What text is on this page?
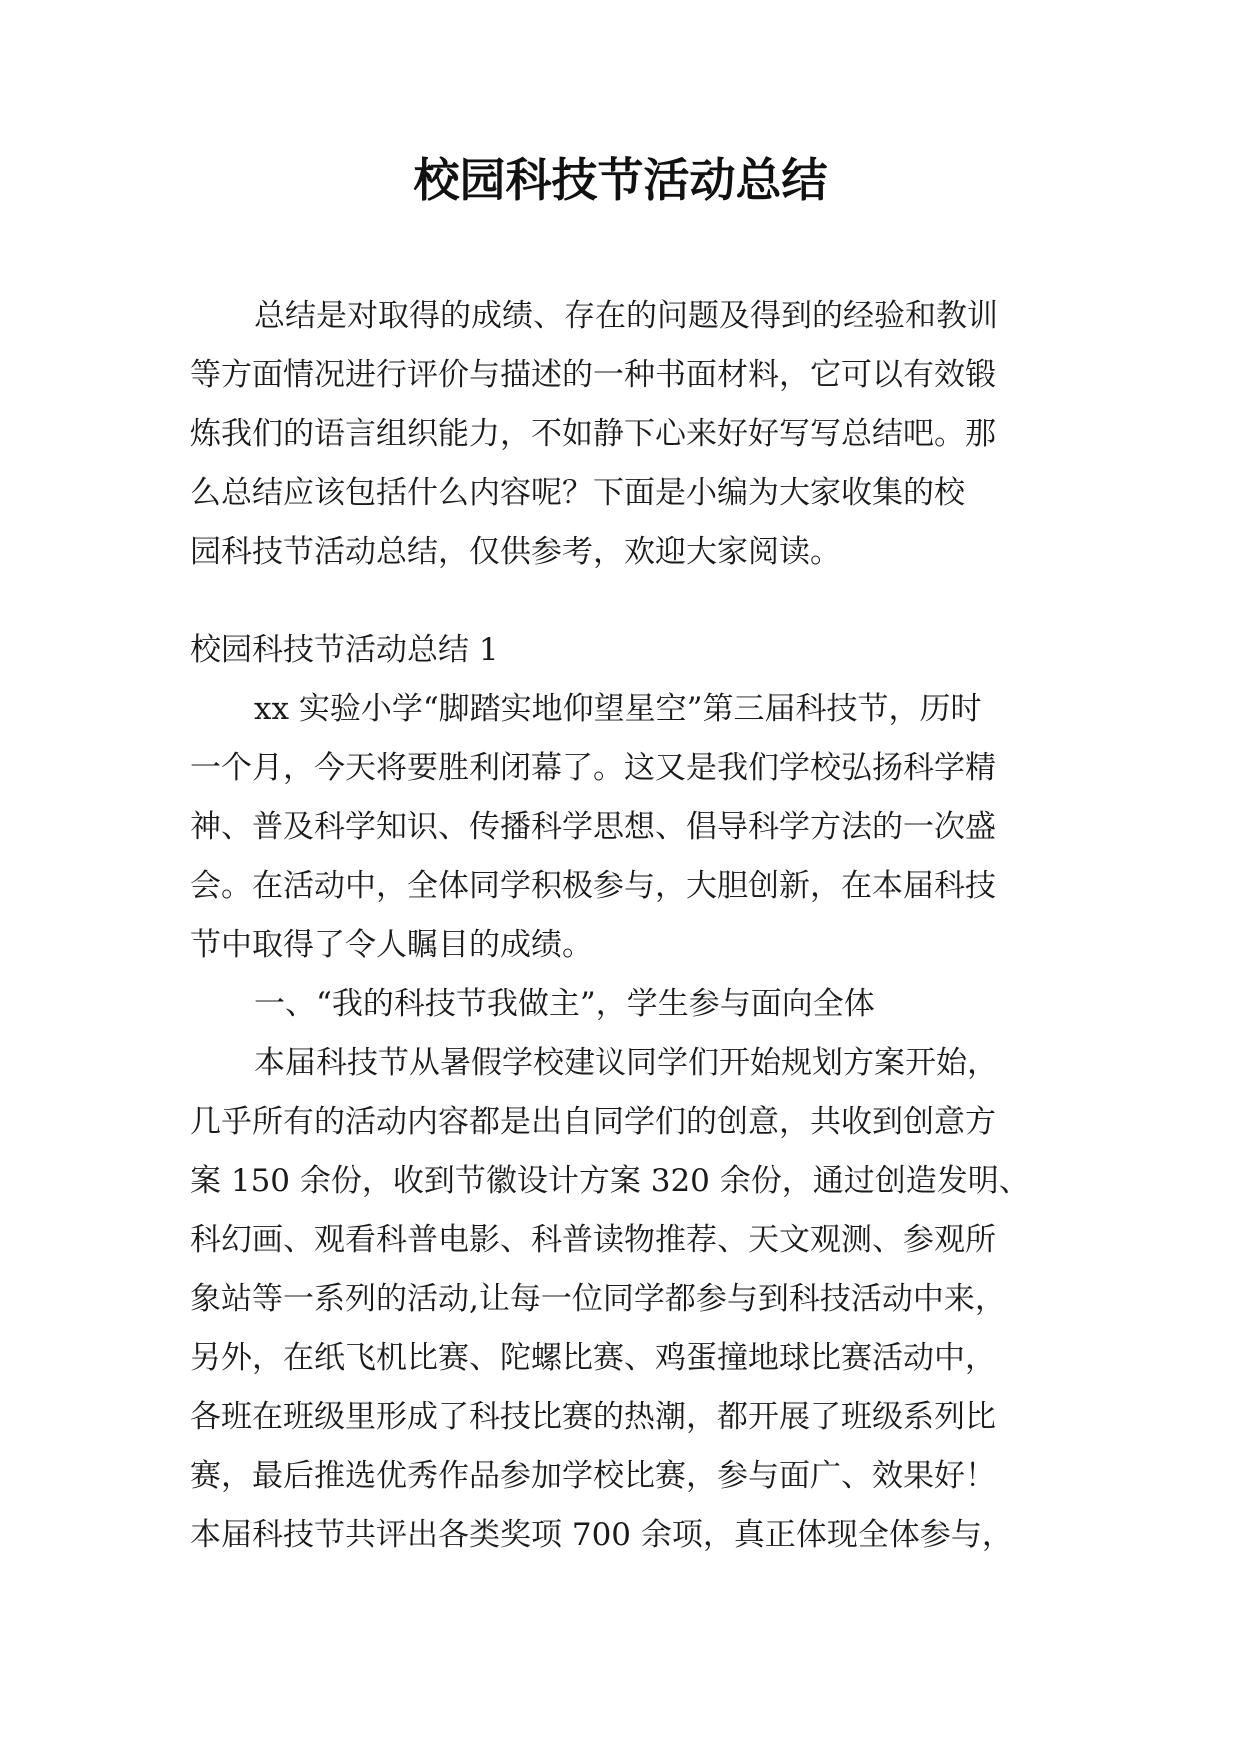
校园科技节活动总结
总结是对取得的成绩、存在的问题及得到的经验和教训
等方面情况进行评价与描述的一种书面材料，它可以有效锻
炼我们的语言组织能力，不如静下心来好好写写总结吧。那
么总结应该包括什么内容呢？下面是小编为大家收集的校
园科技节活动总结，仅供参考，欢迎大家阅读。
校园科技节活动总结 1
xx 实验小学“脚踏实地仰望星空”第三届科技节，历时
一个月，今天将要胜利闭幕了。这又是我们学校弘扬科学精
神、普及科学知识、传播科学思想、倡导科学方法的一次盛
会。在活动中，全体同学积极参与，大胆创新，在本届科技
节中取得了令人瞩目的成绩。
一、“我的科技节我做主”，学生参与面向全体
本届科技节从暑假学校建议同学们开始规划方案开始，
几乎所有的活动内容都是出自同学们的创意，共收到创意方
案 150 余份，收到节徽设计方案 320 余份，通过创造发明、
科幻画、观看科普电影、科普读物推荐、天文观测、参观所
象站等一系列的活动,让每一位同学都参与到科技活动中来，
另外，在纸飞机比赛、陀螺比赛、鸡蛋撞地球比赛活动中，
各班在班级里形成了科技比赛的热潮，都开展了班级系列比
赛，最后推选优秀作品参加学校比赛，参与面广、效果好！
本届科技节共评出各类奖项 700 余项，真正体现全体参与，
